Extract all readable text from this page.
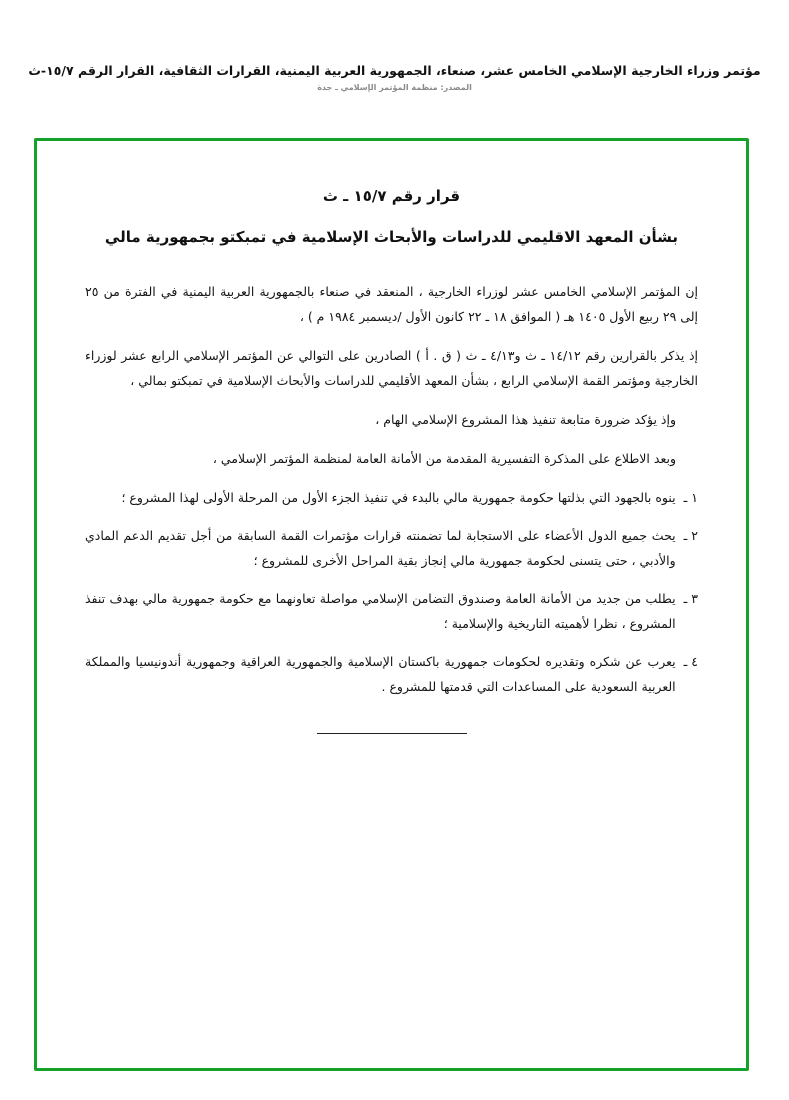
مؤتمر وزراء الخارجية الإسلامي الخامس عشر، صنعاء، الجمهورية العربية اليمنية، القرارات الثقافية، القرار الرقم ١٥/٧-ث
المصدر: منظمة المؤتمر الإسلامي ـ جدة
قرار رقم ١٥/٧ ـ ث
بشأن المعهد الاقليمي للدراسات والأبحاث الإسلامية في تمبكتو بجمهورية مالي

إن المؤتمر الإسلامي الخامس عشر لوزراء الخارجية ، المنعقد في صنعاء بالجمهورية العربية اليمنية في الفترة من ٢٥ إلى ٢٩ ربيع الأول ١٤٠٥ هـ ( الموافق ١٨ ـ ٢٢ كانون الأول /ديسمبر ١٩٨٤ م ) ،

إذ يذكر بالقرارين رقم ١٤/١٢ ـ ث و٤/١٣ ـ ث ( ق . أ ) الصادرين على التوالي عن المؤتمر الإسلامي الرابع عشر لوزراء الخارجية ومؤتمر القمة الإسلامي الرابع ، بشأن المعهد الأقليمي للدراسات والأبحاث الإسلامية في تمبكتو بمالي ،

وإذ يؤكد ضرورة متابعة تنفيذ هذا المشروع الإسلامي الهام ،

وبعد الاطلاع على المذكرة التفسيرية المقدمة من الأمانة العامة لمنظمة المؤتمر الإسلامي ،

١ ـ
ينوه بالجهود التي بذلتها حكومة جمهورية مالي بالبدء في تنفيذ الجزء الأول من المرحلة الأولى لهذا المشروع ؛
٢ ـ
يحث جميع الدول الأعضاء على الاستجابة لما تضمنته قرارات مؤتمرات القمة السابقة من أجل تقديم الدعم المادي والأدبي ، حتى يتسنى لحكومة جمهورية مالي إنجاز بقية المراحل الأخرى للمشروع ؛
٣ ـ
يطلب من جديد من الأمانة العامة وصندوق التضامن الإسلامي مواصلة تعاونهما مع حكومة جمهورية مالي بهدف تنفذ المشروع ، نظرا لأهميته التاريخية والإسلامية ؛
٤ ـ
يعرب عن شكره وتقديره لحكومات جمهورية باكستان الإسلامية والجمهورية العراقية وجمهورية أندونيسيا والمملكة العربية السعودية على المساعدات التي قدمتها للمشروع .
